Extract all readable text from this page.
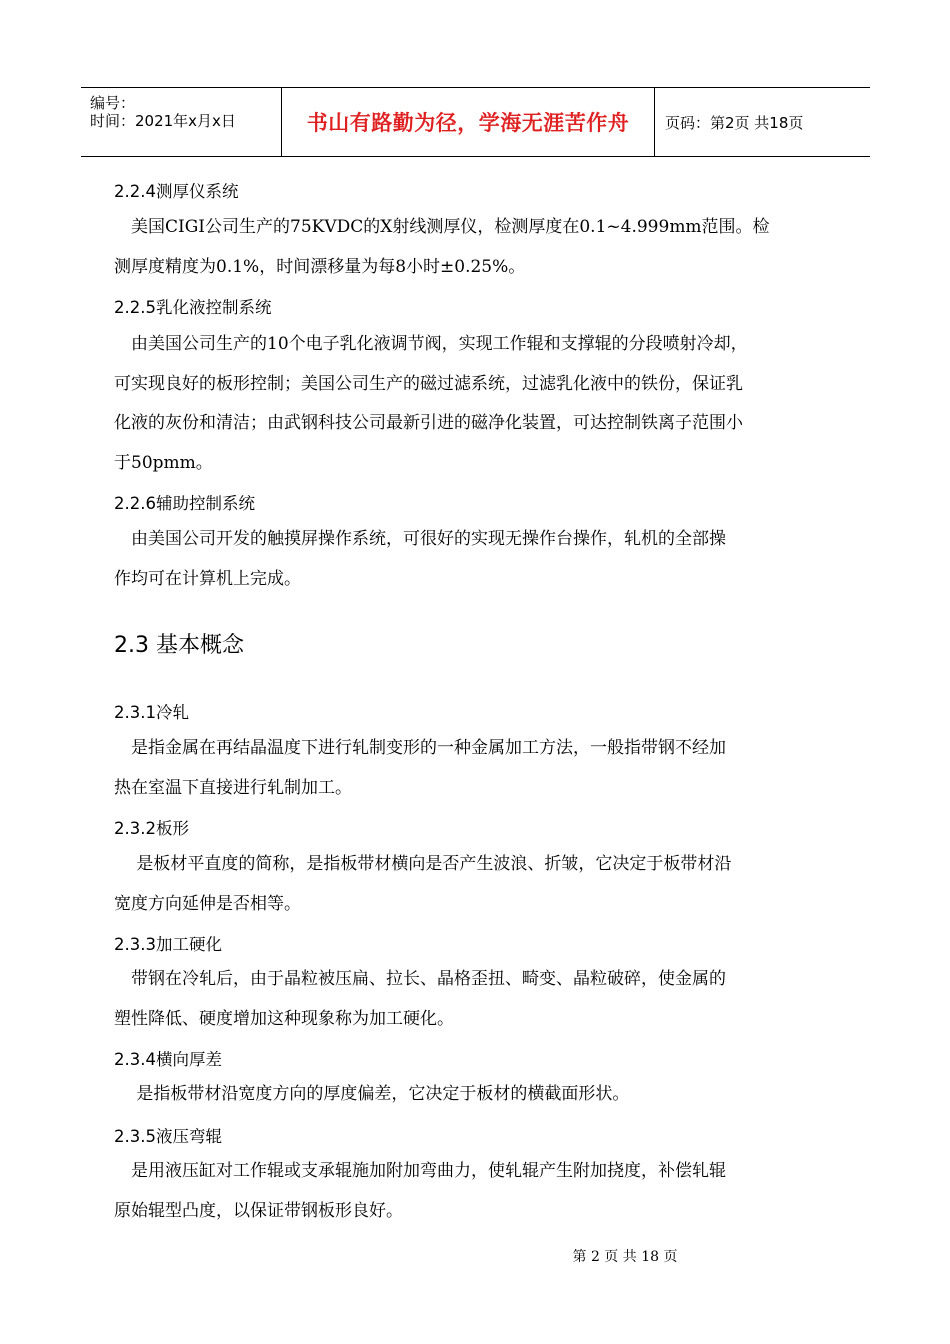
编号：
时间：2021年x月x日	书山有路勤为径，学海无涯苦作舟 页码：第2页 共18页
2.2.4测厚仪系统
　美国CIGI公司生产的75KVDC的X射线测厚仪，检测厚度在0.1~4.999mm范围。检
测厚度精度为0.1%，时间漂移量为每8小时±0.25%。
2.2.5乳化液控制系统
　由美国公司生产的10个电子乳化液调节阀，实现工作辊和支撑辊的分段喷射冷却，
可实现良好的板形控制；美国公司生产的磁过滤系统，过滤乳化液中的铁份，保证乳
化液的灰份和清洁；由武钢科技公司最新引进的磁净化装置，可达控制铁离子范围小
于50pmm。
2.2.6辅助控制系统
　由美国公司开发的触摸屏操作系统，可很好的实现无操作台操作，轧机的全部操
作均可在计算机上完成。
2.3 基本概念
2.3.1冷轧
　是指金属在再结晶温度下进行轧制变形的一种金属加工方法，一般指带钢不经加
热在室温下直接进行轧制加工。
2.3.2板形
　 是板材平直度的简称，是指板带材横向是否产生波浪、折皱，它决定于板带材沿
宽度方向延伸是否相等。
2.3.3加工硬化
　带钢在冷轧后，由于晶粒被压扁、拉长、晶格歪扭、畸变、晶粒破碎，使金属的
塑性降低、硬度增加这种现象称为加工硬化。
2.3.4横向厚差
　 是指板带材沿宽度方向的厚度偏差，它决定于板材的横截面形状。
2.3.5液压弯辊
　是用液压缸对工作辊或支承辊施加附加弯曲力，使轧辊产生附加挠度，补偿轧辊
原始辊型凸度，以保证带钢板形良好。
第 2 页 共 18 页
